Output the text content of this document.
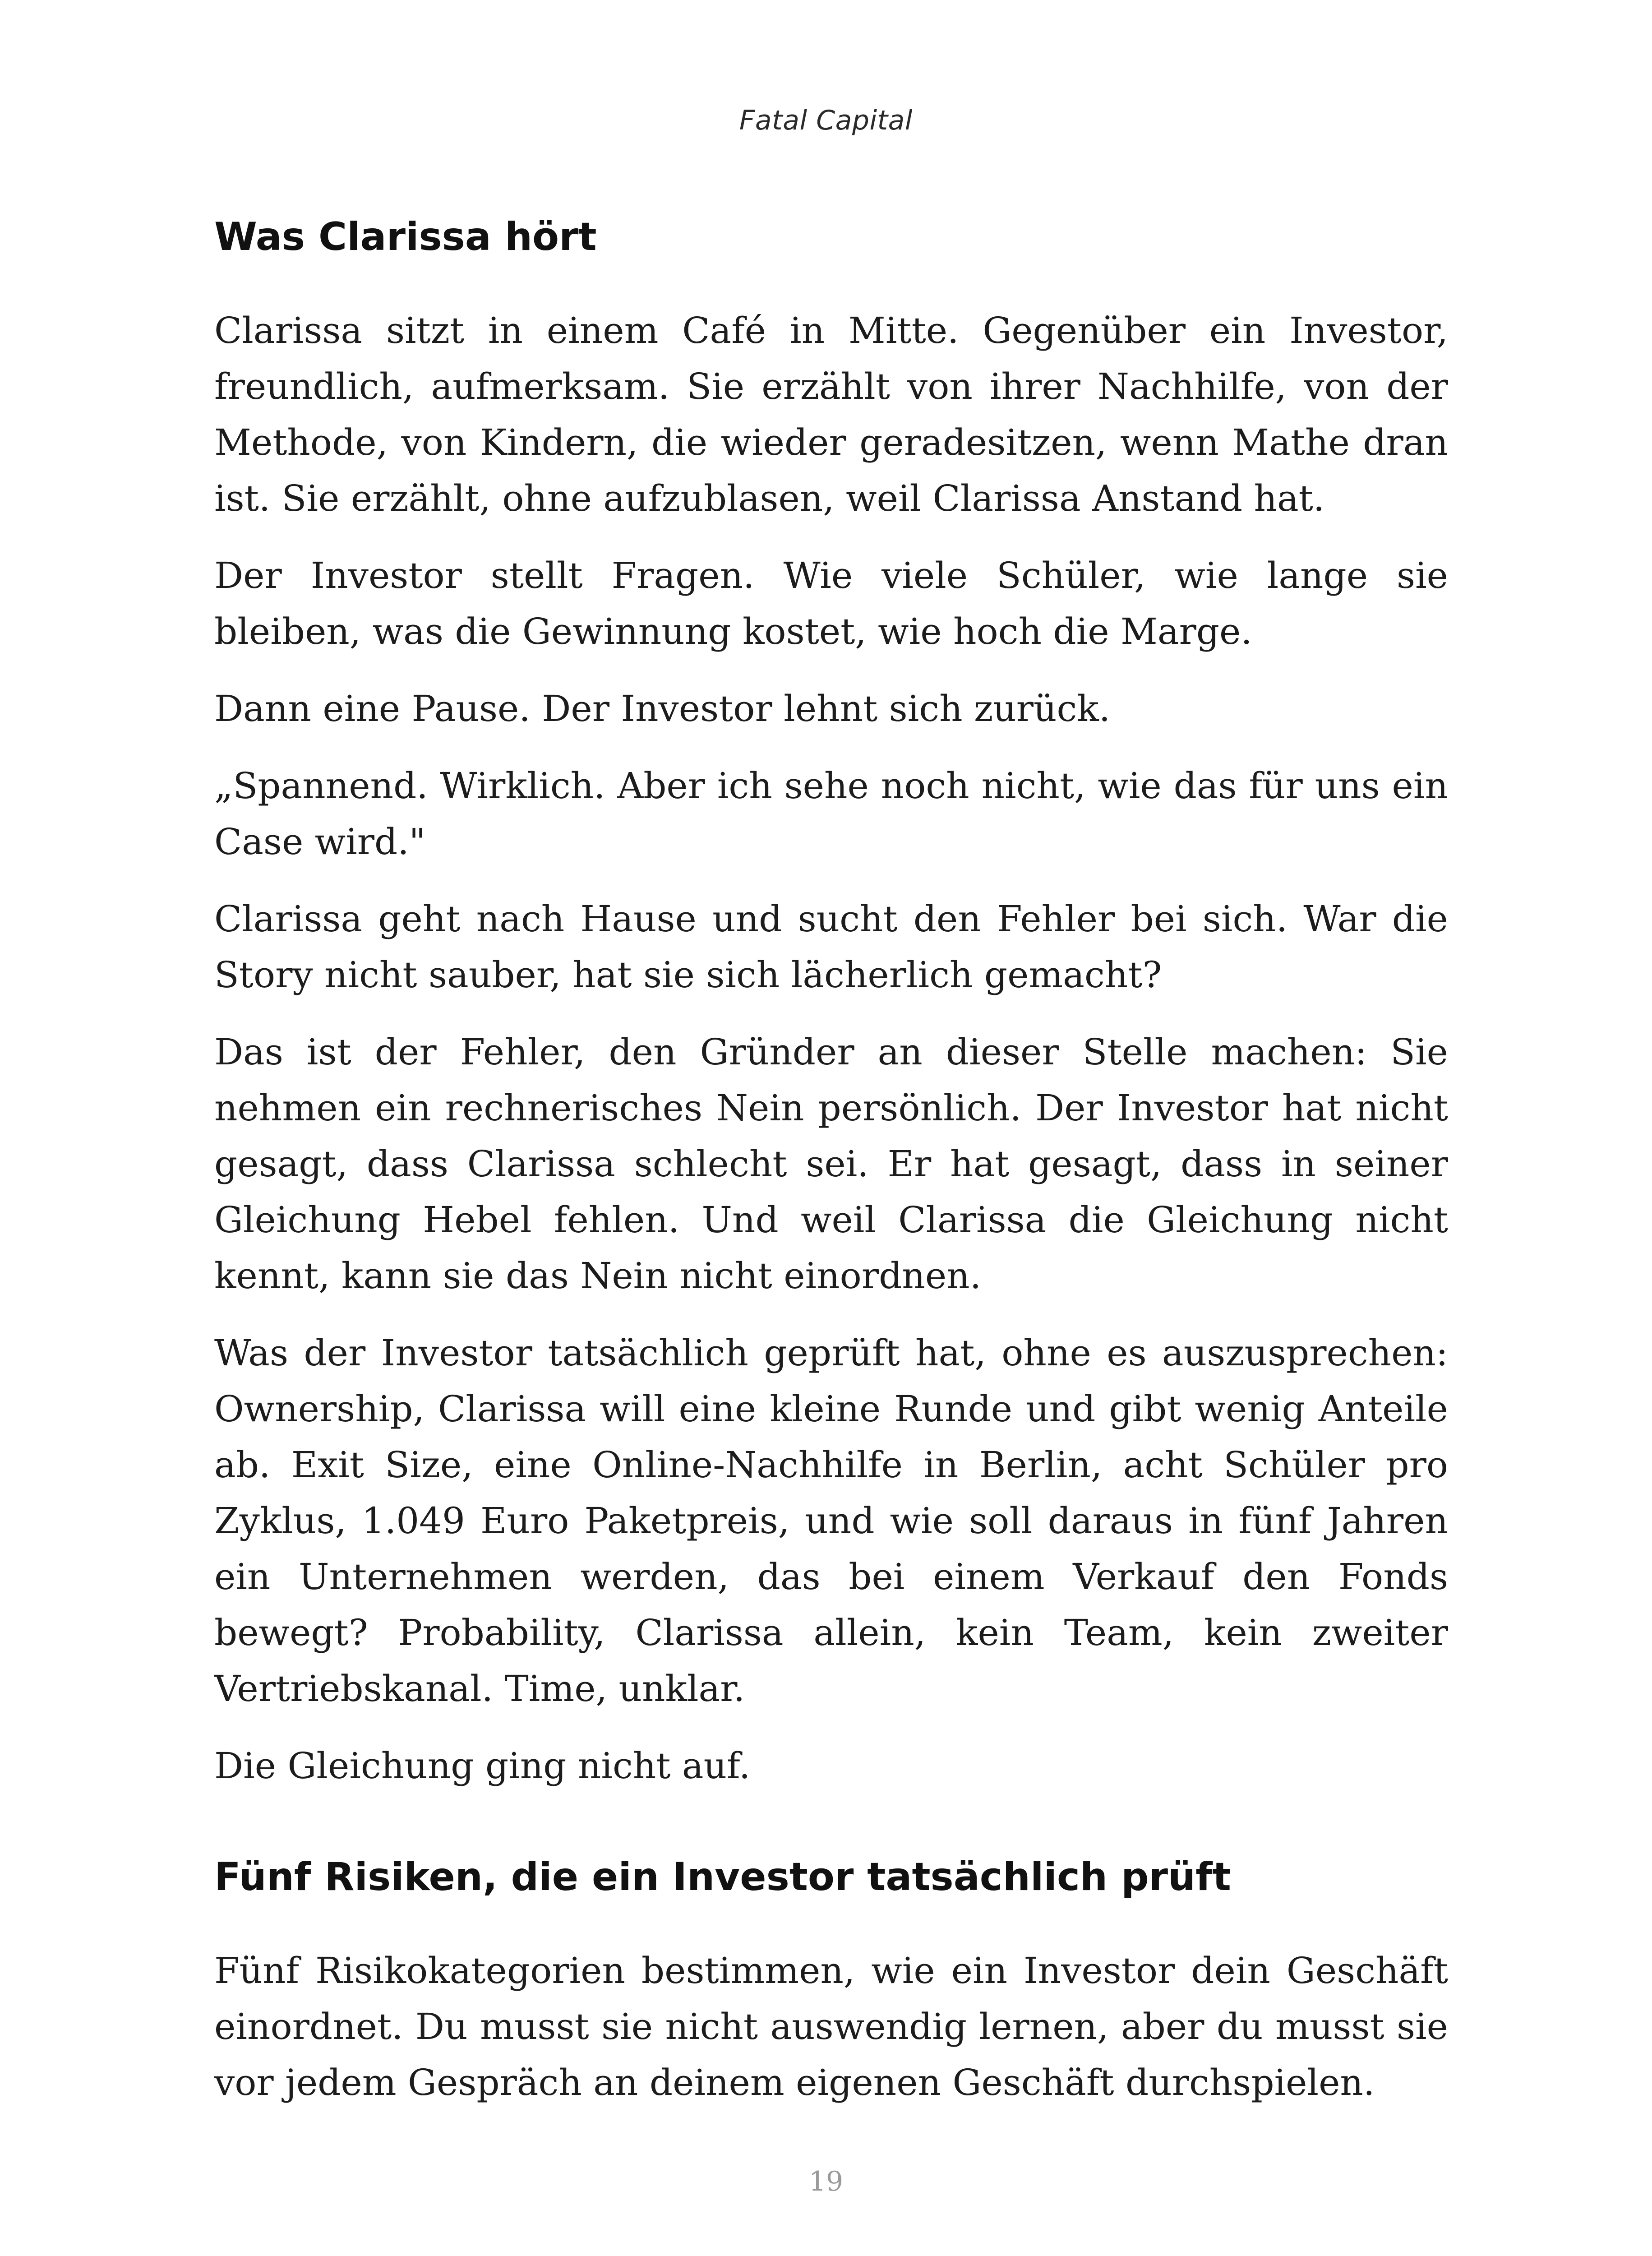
Fatal Capital
Was Clarissa hört

Clarissa sitzt in einem Café in Mitte. Gegenüber ein Investor, freundlich, aufmerksam. Sie erzählt von ihrer Nachhilfe, von der Methode, von Kindern, die wieder geradesitzen, wenn Mathe dran ist. Sie erzählt, ohne aufzublasen, weil Clarissa Anstand hat.

Der Investor stellt Fragen. Wie viele Schüler, wie lange sie bleiben, was die Gewinnung kostet, wie hoch die Marge.

Dann eine Pause. Der Investor lehnt sich zurück.

„Spannend. Wirklich. Aber ich sehe noch nicht, wie das für uns ein Case wird."

Clarissa geht nach Hause und sucht den Fehler bei sich. War die Story nicht sauber, hat sie sich lächerlich gemacht?

Das ist der Fehler, den Gründer an dieser Stelle machen: Sie nehmen ein rechnerisches Nein persönlich. Der Investor hat nicht gesagt, dass Clarissa schlecht sei. Er hat gesagt, dass in seiner Gleichung Hebel fehlen. Und weil Clarissa die Gleichung nicht kennt, kann sie das Nein nicht einordnen.

Was der Investor tatsächlich geprüft hat, ohne es auszusprechen: Ownership, Clarissa will eine kleine Runde und gibt wenig Anteile ab. Exit Size, eine Online-Nachhilfe in Berlin, acht Schüler pro Zyklus, 1.049 Euro Paketpreis, und wie soll daraus in fünf Jahren ein Unternehmen werden, das bei einem Verkauf den Fonds bewegt? Probability, Clarissa allein, kein Team, kein zweiter Vertriebskanal. Time, unklar.

Die Gleichung ging nicht auf.

Fünf Risiken, die ein Investor tatsächlich prüft

Fünf Risikokategorien bestimmen, wie ein Investor dein Geschäft einordnet. Du musst sie nicht auswendig lernen, aber du musst sie vor jedem Gespräch an deinem eigenen Geschäft durchspielen.

19
